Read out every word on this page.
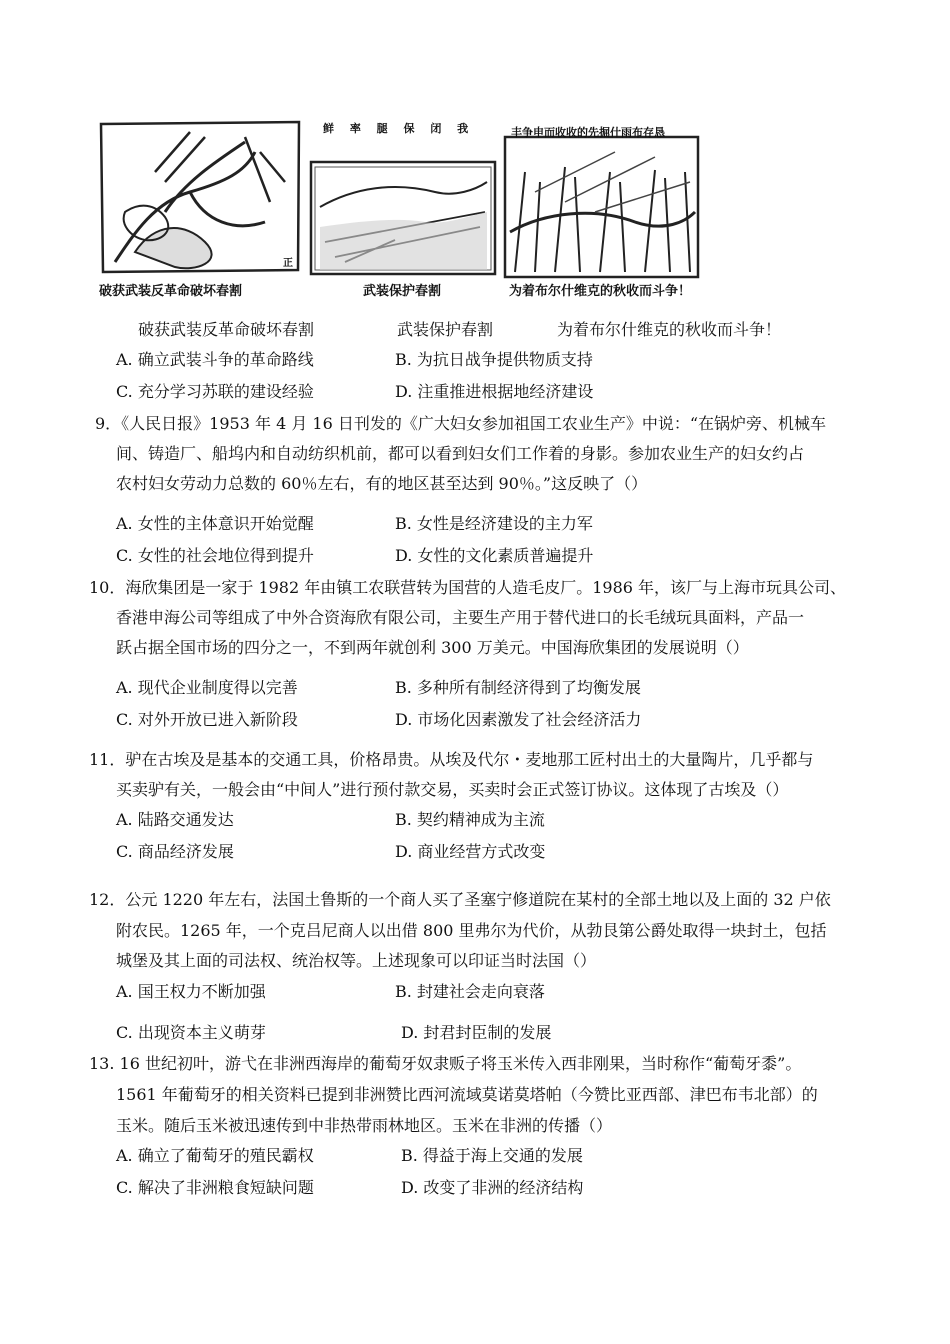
鲜 率 腿 保 闭 我	丰争申而收收的先掘什雨布存恳
正
破获武装反革命破坏春割	武装保护春割	为着布尔什维克的秋收而斗争！
破获武装反革命破坏春割	武装保护春割	为着布尔什维克的秋收而斗争！
A. 确立武装斗争的革命路线	B. 为抗日战争提供物质支持
C. 充分学习苏联的建设经验	D. 注重推进根据地经济建设
9．《人民日报》1953 年 4 月 16 日刊发的《广大妇女参加祖国工农业生产》中说：“在锅炉旁、机械车
间、铸造厂、船坞内和自动纺织机前，都可以看到妇女们工作着的身影。参加农业生产的妇女约占
农村妇女劳动力总数的 60％左右，有的地区甚至达到 90％。”这反映了（）
A. 女性的主体意识开始觉醒	B. 女性是经济建设的主力军
C. 女性的社会地位得到提升	D. 女性的文化素质普遍提升
10．海欣集团是一家于 1982 年由镇工农联营转为国营的人造毛皮厂。1986 年，该厂与上海市玩具公司、
香港申海公司等组成了中外合资海欣有限公司，主要生产用于替代进口的长毛绒玩具面料，产品一
跃占据全国市场的四分之一，不到两年就创利 300 万美元。中国海欣集团的发展说明（）
A. 现代企业制度得以完善	B. 多种所有制经济得到了均衡发展
C. 对外开放已进入新阶段	D. 市场化因素激发了社会经济活力
11．驴在古埃及是基本的交通工具，价格昂贵。从埃及代尔・麦地那工匠村出土的大量陶片，几乎都与
买卖驴有关，一般会由“中间人”进行预付款交易，买卖时会正式签订协议。这体现了古埃及（）
A. 陆路交通发达	B. 契约精神成为主流
C. 商品经济发展	D. 商业经营方式改变
12．公元 1220 年左右，法国土鲁斯的一个商人买了圣塞宁修道院在某村的全部土地以及上面的 32 户依
附农民。1265 年，一个克吕尼商人以出借 800 里弗尔为代价，从勃艮第公爵处取得一块封土，包括
城堡及其上面的司法权、统治权等。上述现象可以印证当时法国（）
A. 国王权力不断加强	B. 封建社会走向衰落
C. 出现资本主义萌芽	D. 封君封臣制的发展
13. 16 世纪初叶，游弋在非洲西海岸的葡萄牙奴隶贩子将玉米传入西非刚果，当时称作“葡萄牙黍”。
1561 年葡萄牙的相关资料已提到非洲赞比西河流域莫诺莫塔帕（今赞比亚西部、津巴布韦北部）的
玉米。随后玉米被迅速传到中非热带雨林地区。玉米在非洲的传播（）
A. 确立了葡萄牙的殖民霸权	B. 得益于海上交通的发展
C. 解决了非洲粮食短缺问题	D. 改变了非洲的经济结构
